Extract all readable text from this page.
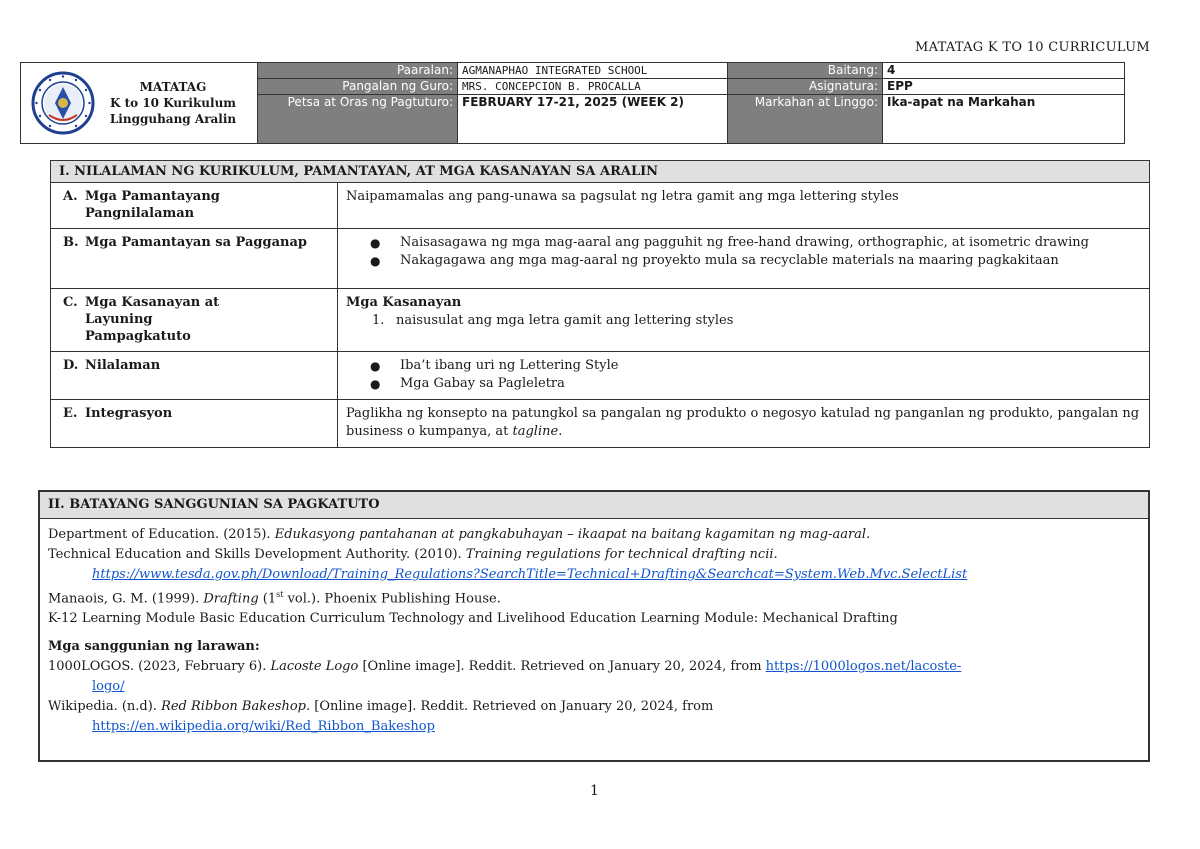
MATATAG K TO 10 CURRICULUM
MATATAG
K to 10 Kurikulum
Lingguhang Aralin
Paaralan: AGMANAPHAO INTEGRATED SCHOOL	Baitang: 4
Pangalan ng Guro: MRS. CONCEPCION B. PROCALLA	Asignatura: EPP
Petsa at Oras ng Pagtuturo: FEBRUARY 17-21, 2025 (WEEK 2)	Markahan at Linggo: Ika-apat na Markahan
I. NILALAMAN NG KURIKULUM, PAMANTAYAN, AT MGA KASANAYAN SA ARALIN	
A. Mga Pamantayang Pangnilalaman	Naipamamalas ang pang-unawa sa pagsulat ng letra gamit ang mga lettering styles
B. Mga Pamantayan sa Pagganap	● Naisasagawa ng mga mag-aaral ang pagguhit ng free-hand drawing, orthographic, at isometric drawing
● Nakagagawa ang mga mag-aaral ng proyekto mula sa recyclable materials na maaring pagkakitaan

C. Mga Kasanayan at Layuning Pampagkatuto	Mga Kasanayan
1. naisusulat ang mga letra gamit ang lettering styles

D. Nilalaman	● Iba’t ibang uri ng Lettering Style
● Mga Gabay sa Pagleletra

E. Integrasyon	Paglikha ng konsepto na patungkol sa pangalan ng produkto o negosyo katulad ng panganlan ng produkto, pangalan ng business o kumpanya, at tagline.
II. BATAYANG SANGGUNIAN SA PAGKATUTO

Department of Education. (2015). Edukasyong pantahanan at pangkabuhayan – ikaapat na baitang kagamitan ng mag-aaral.

Technical Education and Skills Development Authority. (2010). Training regulations for technical drafting ncii.

https://www.tesda.gov.ph/Download/Training_Regulations?SearchTitle=Technical+Drafting&Searchcat=System.Web.Mvc.SelectList

Manaois, G. M. (1999). Drafting (1st vol.). Phoenix Publishing House.

K-12 Learning Module Basic Education Curriculum Technology and Livelihood Education Learning Module: Mechanical Drafting

Mga sanggunian ng larawan:

1000LOGOS. (2023, February 6). Lacoste Logo [Online image]. Reddit. Retrieved on January 20, 2024, from https://1000logos.net/lacoste-

logo/

Wikipedia. (n.d). Red Ribbon Bakeshop. [Online image]. Reddit. Retrieved on January 20, 2024, from

https://en.wikipedia.org/wiki/Red_Ribbon_Bakeshop

1
